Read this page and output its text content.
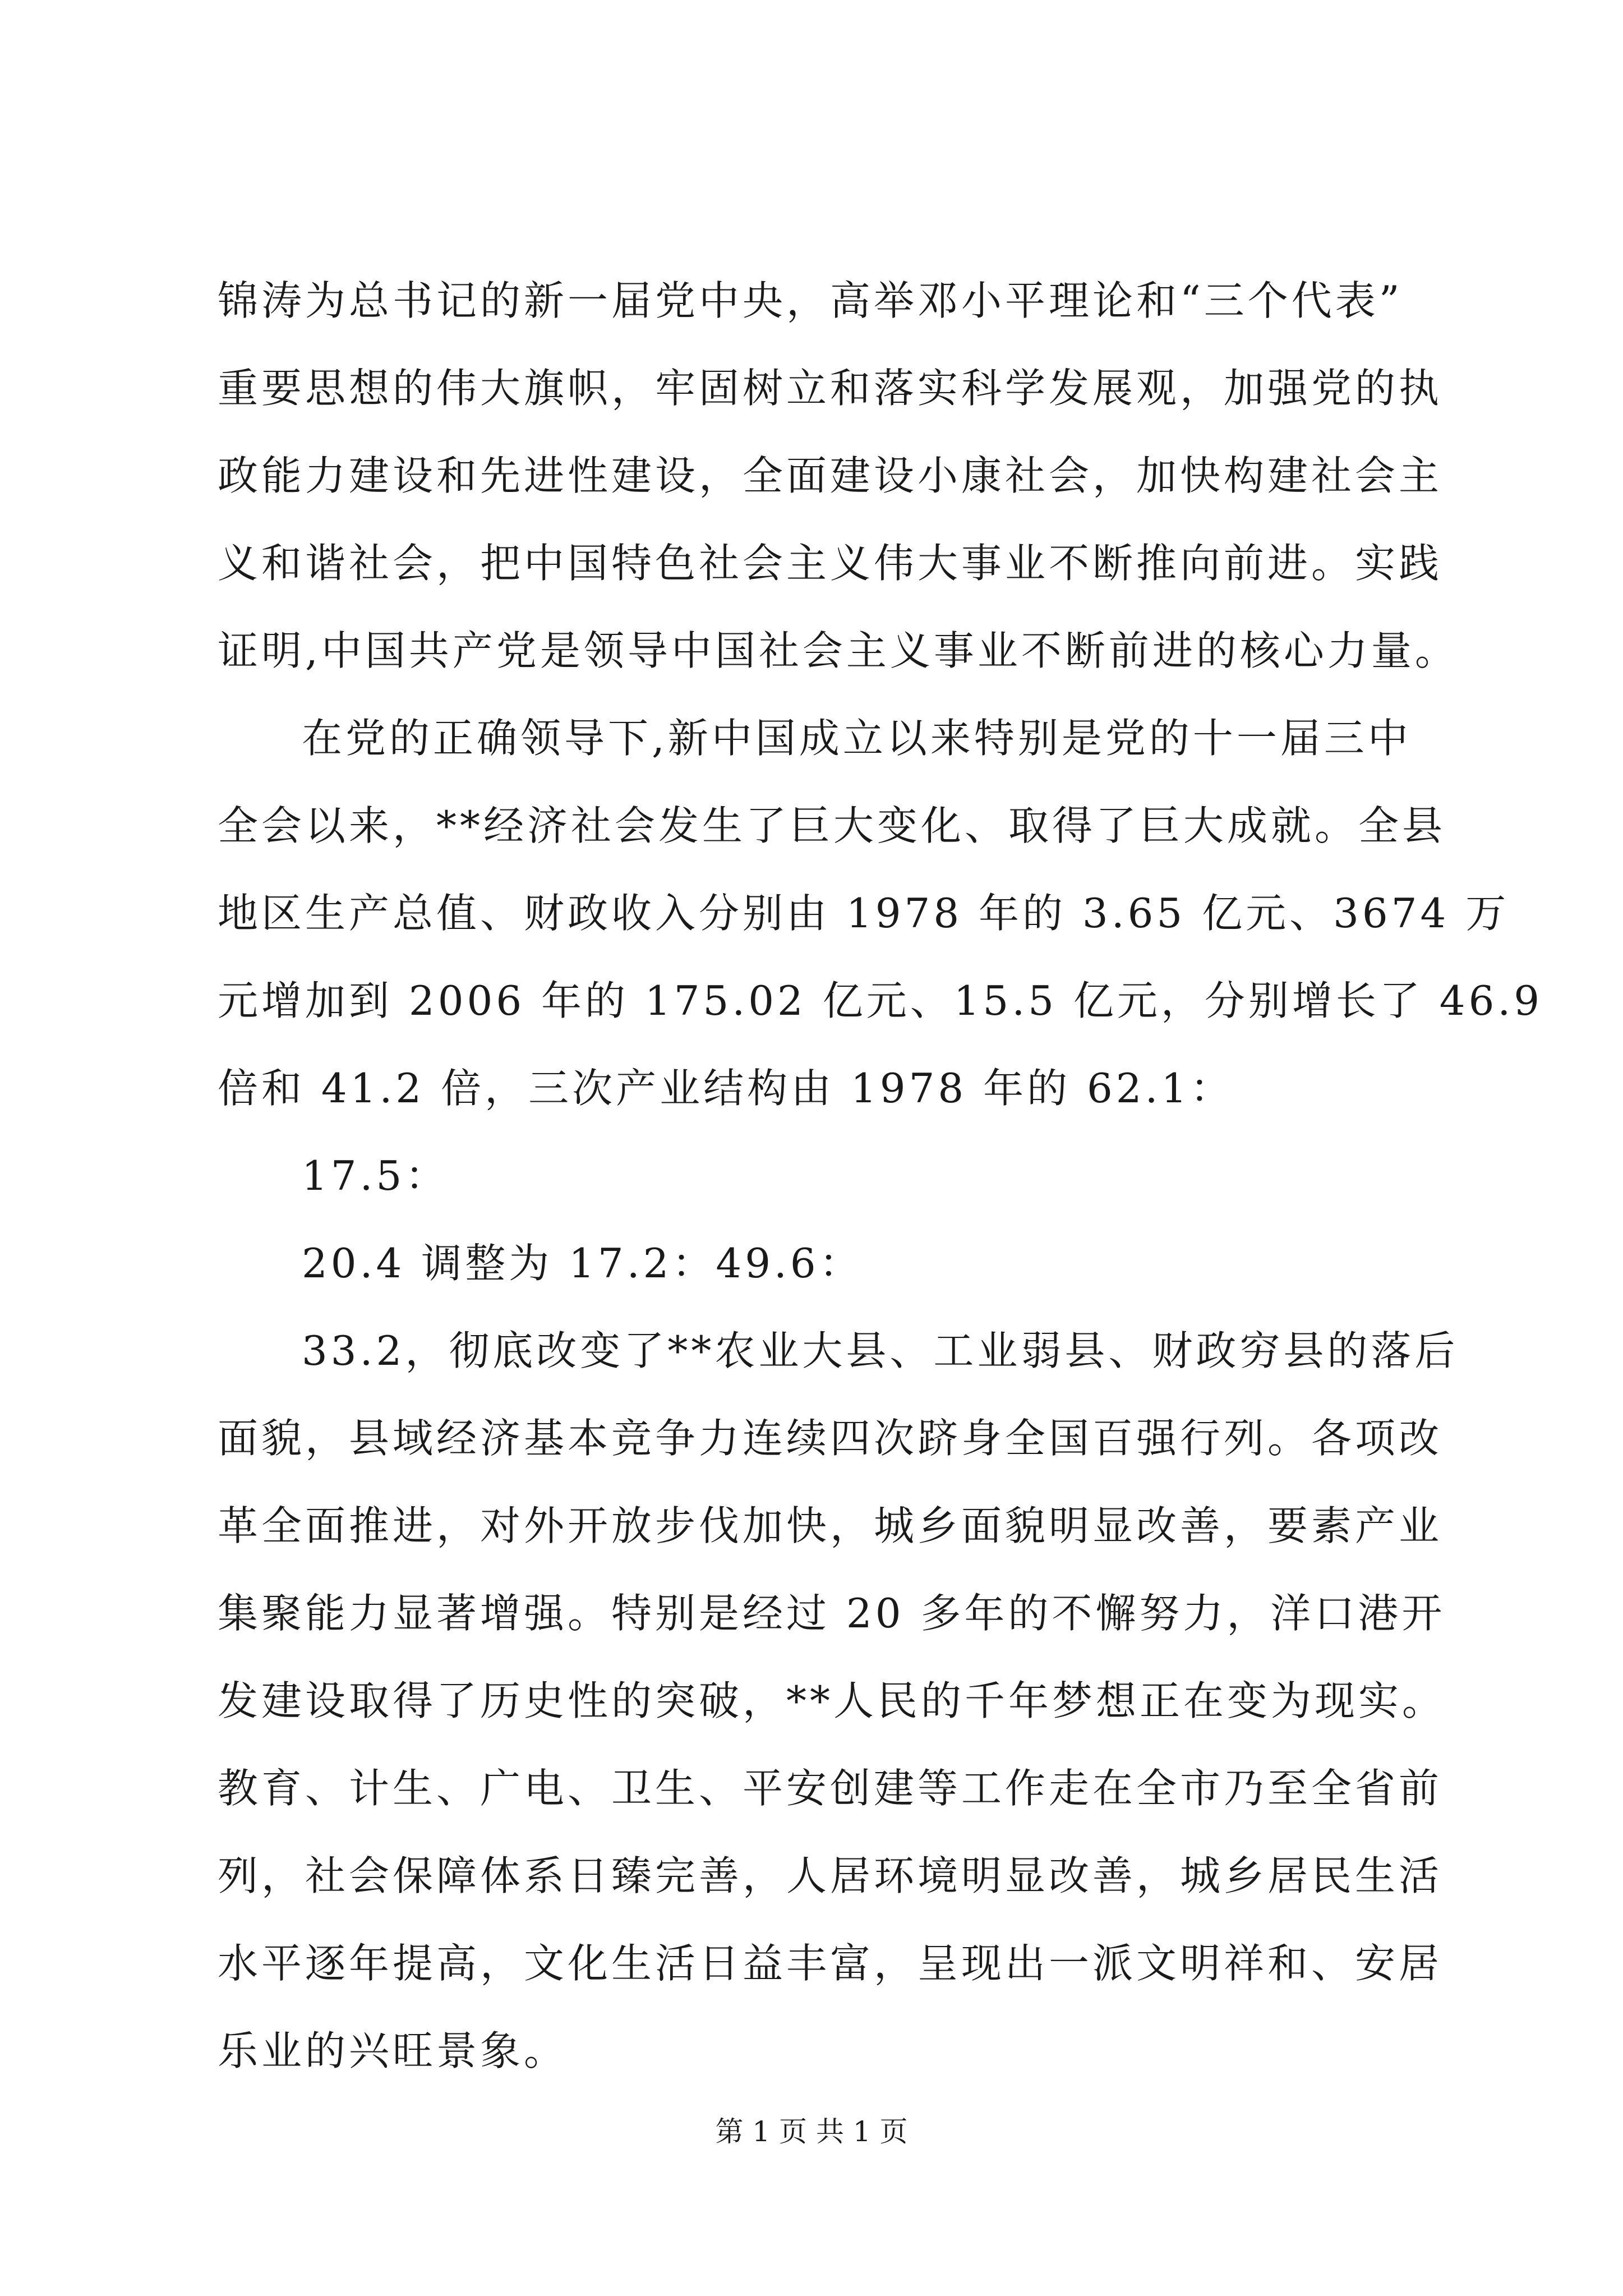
锦涛为总书记的新一届党中央，高举邓小平理论和“三个代表”
重要思想的伟大旗帜，牢固树立和落实科学发展观，加强党的执
政能力建设和先进性建设，全面建设小康社会，加快构建社会主
义和谐社会，把中国特色社会主义伟大事业不断推向前进。实践
证明,中国共产党是领导中国社会主义事业不断前进的核心力量。
在党的正确领导下,新中国成立以来特别是党的十一届三中
全会以来，**经济社会发生了巨大变化、取得了巨大成就。全县
地区生产总值、财政收入分别由 1978 年的 3.65 亿元、3674 万
元增加到 2006 年的 175.02 亿元、15.5 亿元，分别增长了 46.9
倍和 41.2 倍，三次产业结构由 1978 年的 62.1：
17.5：
20.4 调整为 17.2：49.6：
33.2，彻底改变了**农业大县、工业弱县、财政穷县的落后
面貌，县域经济基本竞争力连续四次跻身全国百强行列。各项改
革全面推进，对外开放步伐加快，城乡面貌明显改善，要素产业
集聚能力显著增强。特别是经过 20 多年的不懈努力，洋口港开
发建设取得了历史性的突破，**人民的千年梦想正在变为现实。
教育、计生、广电、卫生、平安创建等工作走在全市乃至全省前
列，社会保障体系日臻完善，人居环境明显改善，城乡居民生活
水平逐年提高，文化生活日益丰富，呈现出一派文明祥和、安居
乐业的兴旺景象。
第 1 页 共 1 页
